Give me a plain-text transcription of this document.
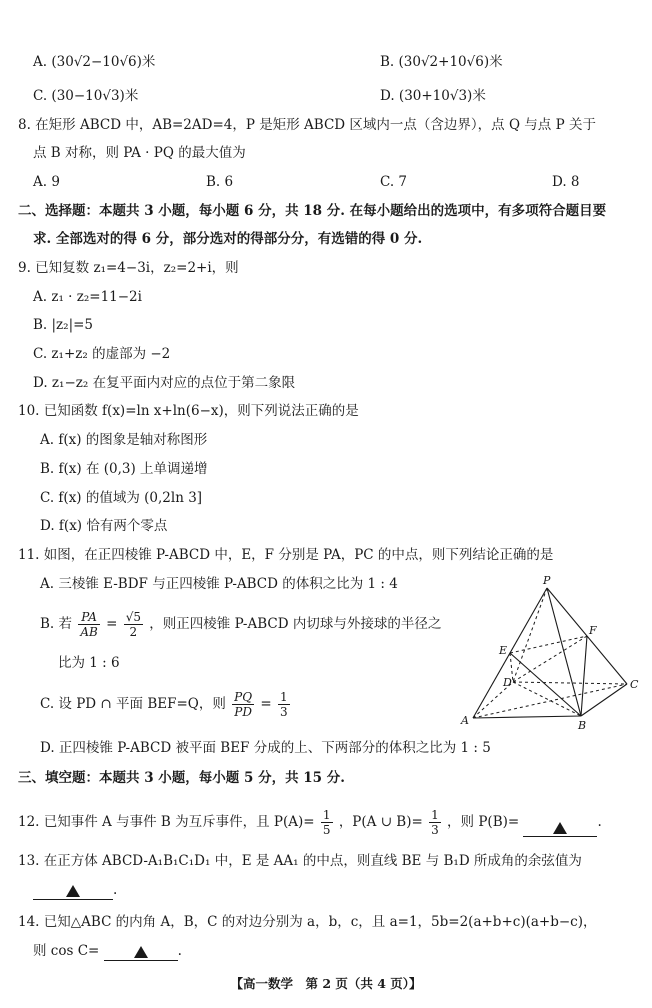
A. (30√2−10√6)米	B. (30√2+10√6)米
C. (30−10√3)米	D. (30+10√3)米
8. 在矩形 ABCD 中，AB=2AD=4，P 是矩形 ABCD 区域内一点（含边界），点 Q 与点 P 关于
点 B 对称，则 PA · PQ 的最大值为
A. 9	B. 6	C. 7	D. 8
二、选择题：本题共 3 小题，每小题 6 分，共 18 分. 在每小题给出的选项中，有多项符合题目要
求. 全部选对的得 6 分，部分选对的得部分分，有选错的得 0 分.
9. 已知复数 z₁=4−3i，z₂=2+i，则
A. z₁ · z₂=11−2i
B. |z₂|=5
C. z₁+z₂ 的虚部为 −2
D. z₁−z₂ 在复平面内对应的点位于第二象限
10. 已知函数 f(x)=ln x+ln(6−x)，则下列说法正确的是
A. f(x) 的图象是轴对称图形
B. f(x) 在 (0,3) 上单调递增
C. f(x) 的值域为 (0,2ln 3]
D. f(x) 恰有两个零点
11. 如图，在正四棱锥 P-ABCD 中，E，F 分别是 PA，PC 的中点，则下列结论正确的是
A. 三棱锥 E-BDF 与正四棱锥 P-ABCD 的体积之比为 1 : 4
B. 若 $\frac{PA}{AB} = \frac{√5}{2}$ ，则正四棱锥 P-ABCD 内切球与外接球的半径之
比为 1 : 6
C. 设 PD ∩ 平面 BEF=Q，则 $\frac{PQ}{PD} = \frac{1}{3}$
D. 正四棱锥 P-ABCD 被平面 BEF 分成的上、下两部分的体积之比为 1 : 5
P
F
E
D	C
A	B
三、填空题：本题共 3 小题，每小题 5 分，共 15 分.
12. 已知事件 A 与事件 B 为互斥事件，且 $P(A)= \frac{1}{5}$ ，P(A ∪ $B)= \frac{1}{3}$ ，则 P(B)=	.
13. 在正方体 ABCD-A₁B₁C₁D₁ 中，E 是 AA₁ 的中点，则直线 BE 与 B₁D 所成角的余弦值为
.
14. 已知△ABC 的内角 A，B，C 的对边分别为 a，b，c，且 a=1，5b=2(a+b+c)(a+b−c)，
则 cos C=	.
【高一数学　第 2 页（共 4 页）】
